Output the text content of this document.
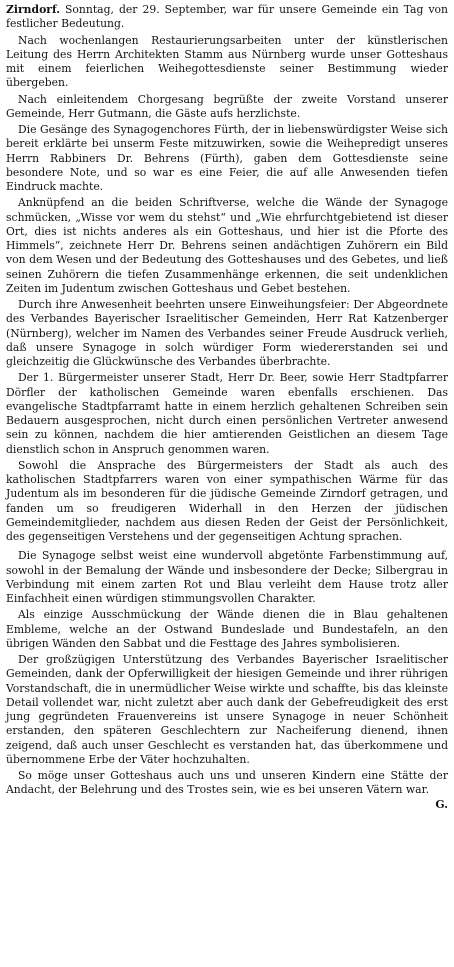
Zirndorf. Sonntag, der 29. September, war für unsere Gemeinde ein Tag von festlicher Bedeutung.

Nach wochenlangen Restaurierungsarbeiten unter der künstlerischen Leitung des Herrn Architekten Stamm aus Nürnberg wurde unser Gotteshaus mit einem feierlichen Weihegottesdienste seiner Bestimmung wieder übergeben.

Nach einleitendem Chorgesang begrüßte der zweite Vorstand unserer Gemeinde, Herr Gutmann, die Gäste aufs herzlichste.

Die Gesänge des Synagogenchores Fürth, der in liebenswürdigster Weise sich bereit erklärte bei unserm Feste mitzuwirken, sowie die Weihepredigt unseres Herrn Rabbiners Dr. Behrens (Fürth), gaben dem Gottesdienste seine besondere Note, und so war es eine Feier, die auf alle Anwesenden tiefen Eindruck machte.

Anknüpfend an die beiden Schriftverse, welche die Wände der Synagoge schmücken, „Wisse vor wem du stehst“ und „Wie ehrfurchtgebietend ist dieser Ort, dies ist nichts anderes als ein Gotteshaus, und hier ist die Pforte des Himmels“, zeichnete Herr Dr. Behrens seinen andächtigen Zuhörern ein Bild von dem Wesen und der Bedeutung des Gotteshauses und des Gebetes, und ließ seinen Zuhörern die tiefen Zusammenhänge erkennen, die seit undenklichen Zeiten im Judentum zwischen Gotteshaus und Gebet bestehen.

Durch ihre Anwesenheit beehrten unsere Einweihungsfeier: Der Abgeordnete des Verbandes Bayerischer Israelitischer Gemeinden, Herr Rat Katzenberger (Nürnberg), welcher im Namen des Verbandes seiner Freude Ausdruck verlieh, daß unsere Synagoge in solch würdiger Form wiedererstanden sei und gleichzeitig die Glückwünsche des Verbandes überbrachte.

Der 1. Bürgermeister unserer Stadt, Herr Dr. Beer, sowie Herr Stadtpfarrer Dörfler der katholischen Gemeinde waren ebenfalls erschienen. Das evangelische Stadtpfarramt hatte in einem herzlich gehaltenen Schreiben sein Bedauern ausgesprochen, nicht durch einen persönlichen Vertreter anwesend sein zu können, nachdem die hier amtierenden Geistlichen an diesem Tage dienstlich schon in Anspruch genommen waren.

Sowohl die Ansprache des Bürgermeisters der Stadt als auch des katholischen Stadtpfarrers waren von einer sympathischen Wärme für das Judentum als im besonderen für die jüdische Gemeinde Zirndorf getragen, und fanden um so freudigeren Widerhall in den Herzen der jüdischen Gemeindemitglieder, nachdem aus diesen Reden der Geist der Persönlichkeit, des gegenseitigen Verstehens und der gegenseitigen Achtung sprachen.

Die Synagoge selbst weist eine wundervoll abgetönte Farbenstimmung auf, sowohl in der Bemalung der Wände und insbesondere der Decke; Silbergrau in Verbindung mit einem zarten Rot und Blau verleiht dem Hause trotz aller Einfachheit einen würdigen stimmungsvollen Charakter.

Als einzige Ausschmückung der Wände dienen die in Blau gehaltenen Embleme, welche an der Ostwand Bundeslade und Bundestafeln, an den übrigen Wänden den Sabbat und die Festtage des Jahres symbolisieren.

Der großzügigen Unterstützung des Verbandes Bayerischer Israelitischer Gemeinden, dank der Opferwilligkeit der hiesigen Gemeinde und ihrer rührigen Vorstandschaft, die in unermüdlicher Weise wirkte und schaffte, bis das kleinste Detail vollendet war, nicht zuletzt aber auch dank der Gebefreudigkeit des erst jung gegründeten Frauenvereins ist unsere Synagoge in neuer Schönheit erstanden, den späteren Geschlechtern zur Nacheiferung dienend, ihnen zeigend, daß auch unser Geschlecht es verstanden hat, das überkommene und übernommene Erbe der Väter hochzuhalten.

So möge unser Gotteshaus auch uns und unseren Kindern eine Stätte der Andacht, der Belehrung und des Trostes sein, wie es bei unseren Vätern war.
G.
